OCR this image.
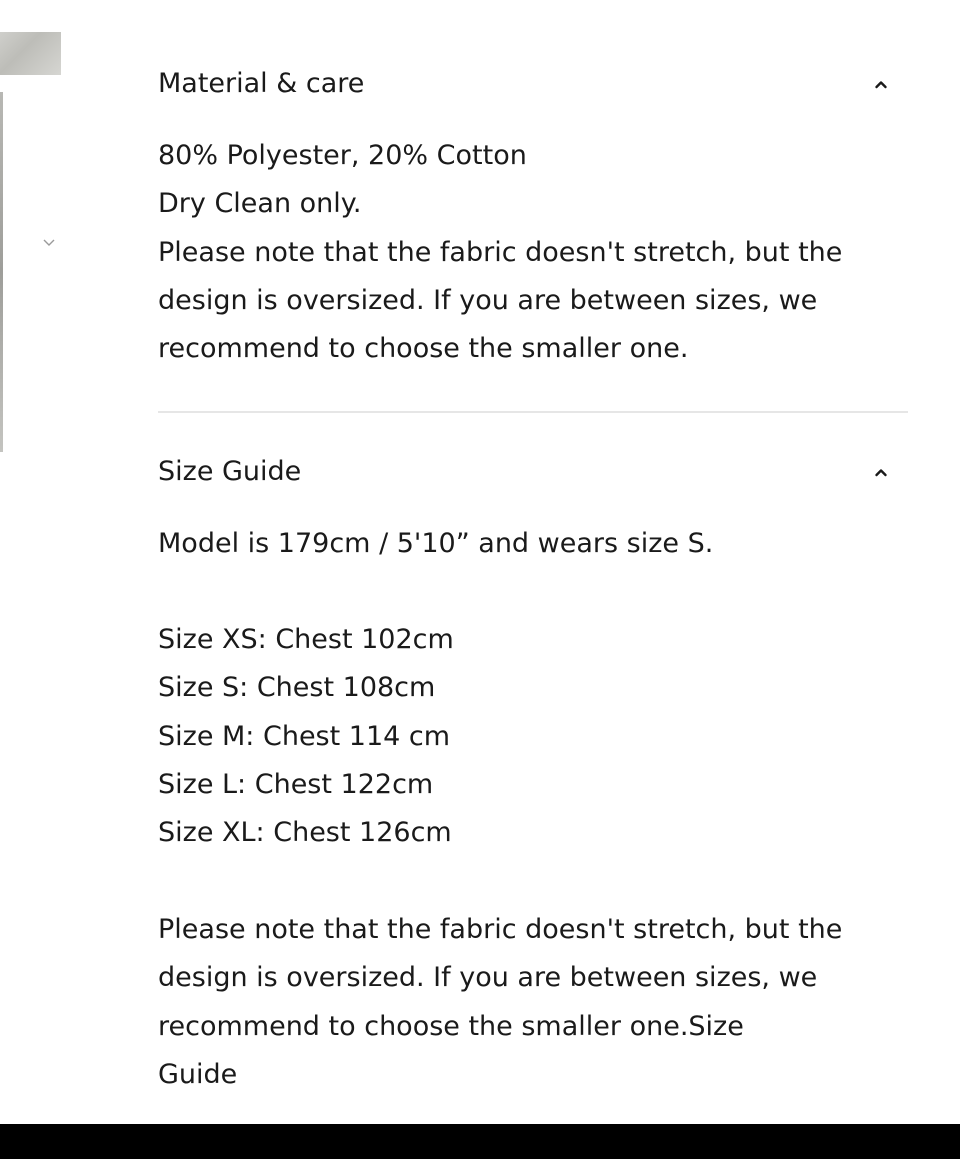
Material & care
80% Polyester, 20% Cotton
Dry Clean only.
Please note that the fabric doesn't stretch, but the
design is oversized. If you are between sizes, we
recommend to choose the smaller one.
Size Guide
Model is 179cm / 5'10” and wears size S.
Size XS: Chest 102cm
Size S: Chest 108cm
Size M: Chest 114 cm
Size L: Chest 122cm
Size XL: Chest 126cm
Please note that the fabric doesn't stretch, but the
design is oversized. If you are between sizes, we
recommend to choose the smaller one.Size
Guide
